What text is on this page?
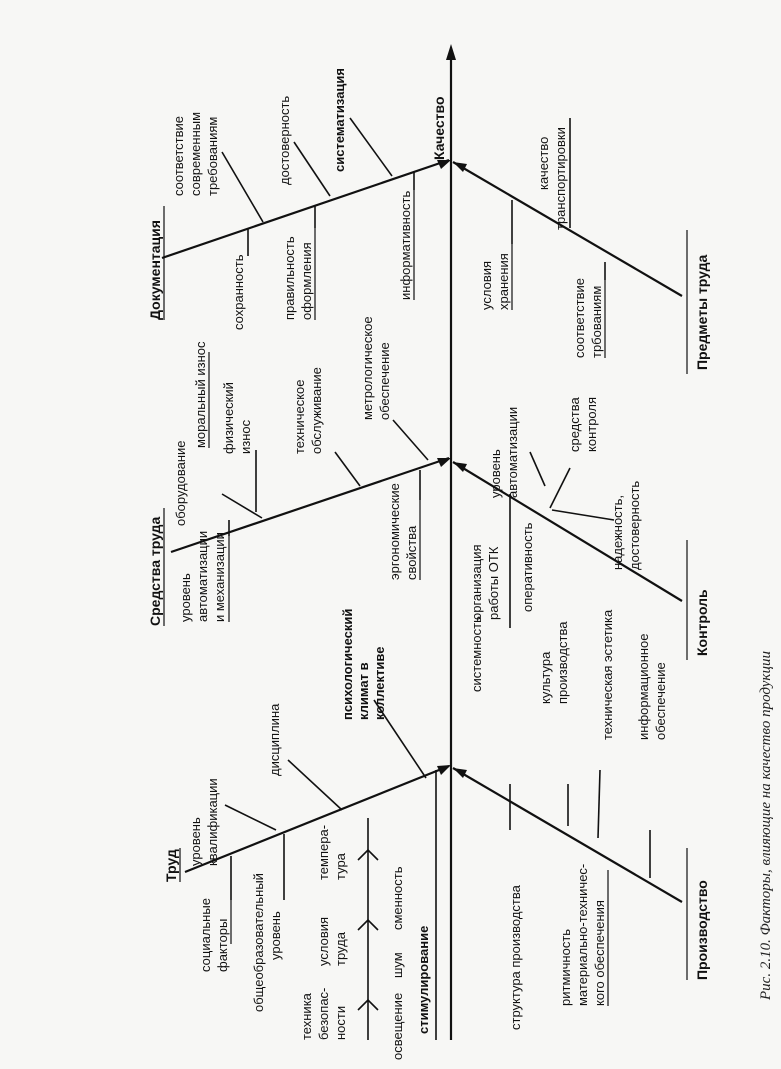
Качество
Труд
Средства труда
Документация
Производство
Контроль
Предметы труда
уровень квалификации
дисциплина
психологический климат в коллективе
социальные факторы общеобразовательный уровень
техника безопас- ности
условия труда
темпера- тура
освещение
шум
сменность
стимулирование
оборудование
моральный износ физический износ	техническое обслуживание	метрологическое обеспечение
уровень автоматизации и механизации	эргономические свойства
соответствие современным требованиям	достоверность	систематизация
сохранность	правильность оформления	информативность
системность	культура производства техническая эстетика информационное обеспечение
структура производства	ритмичность материально-техничес- кого обеспечения
организация работы ОТК оперативность
уровень автоматизации	средства контроля
надежность, достоверность
качество транспортировки
условия хранения	соответствие трбованиям
Рис. 2.10. Факторы, влияющие на качество продукции
